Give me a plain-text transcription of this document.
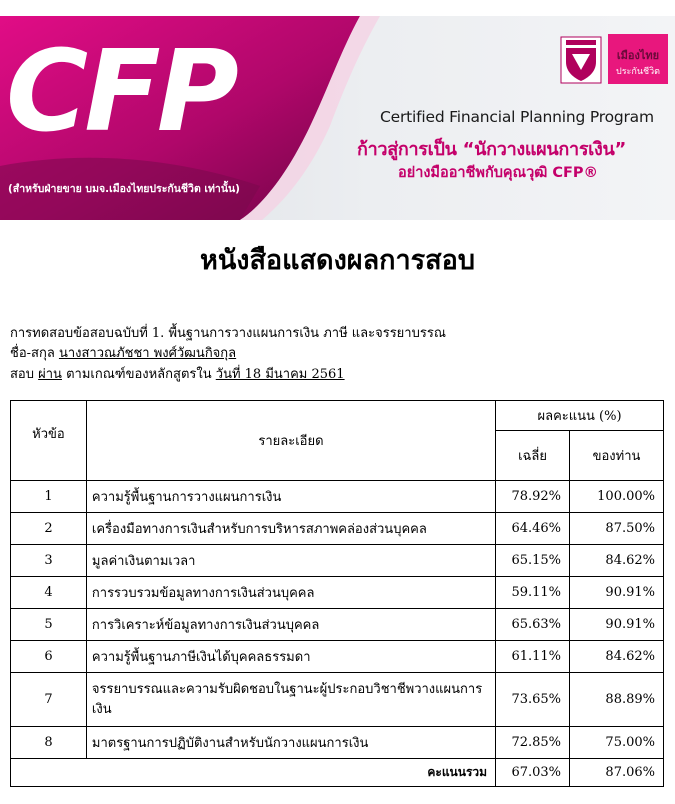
CFP
(สำหรับฝ่ายขาย บมจ.เมืองไทยประกันชีวิต เท่านั้น)
Certified Financial Planning Program
ก้าวสู่การเป็น “นักวางแผนการเงิน”
อย่างมืออาชีพกับคุณวุฒิ CFP®
เมืองไทย
ประกันชีวิต
หนังสือแสดงผลการสอบ
การทดสอบข้อสอบฉบับที่ 1. พื้นฐานการวางแผนการเงิน ภาษี และจรรยาบรรณ
ชื่อ-สกุล นางสาวณภัชชา พงศ์วัฒนกิจกุล
สอบ ผ่าน ตามเกณฑ์ของหลักสูตรใน วันที่ 18 มีนาคม 2561
หัวข้อ	รายละเอียด	ผลคะแนน (%)	
		เฉลี่ย	ของท่าน
1	ความรู้พื้นฐานการวางแผนการเงิน	78.92%	100.00%
2	เครื่องมือทางการเงินสำหรับการบริหารสภาพคล่องส่วนบุคคล	64.46%	87.50%
3	มูลค่าเงินตามเวลา	65.15%	84.62%
4	การรวบรวมข้อมูลทางการเงินส่วนบุคคล	59.11%	90.91%
5	การวิเคราะห์ข้อมูลทางการเงินส่วนบุคคล	65.63%	90.91%
6	ความรู้พื้นฐานภาษีเงินได้บุคคลธรรมดา	61.11%	84.62%
7	จรรยาบรรณและความรับผิดชอบในฐานะผู้ประกอบวิชาชีพวางแผนการเงิน	73.65%	88.89%
8	มาตรฐานการปฏิบัติงานสำหรับนักวางแผนการเงิน	72.85%	75.00%
คะแนนรวม		67.03%	87.06%
